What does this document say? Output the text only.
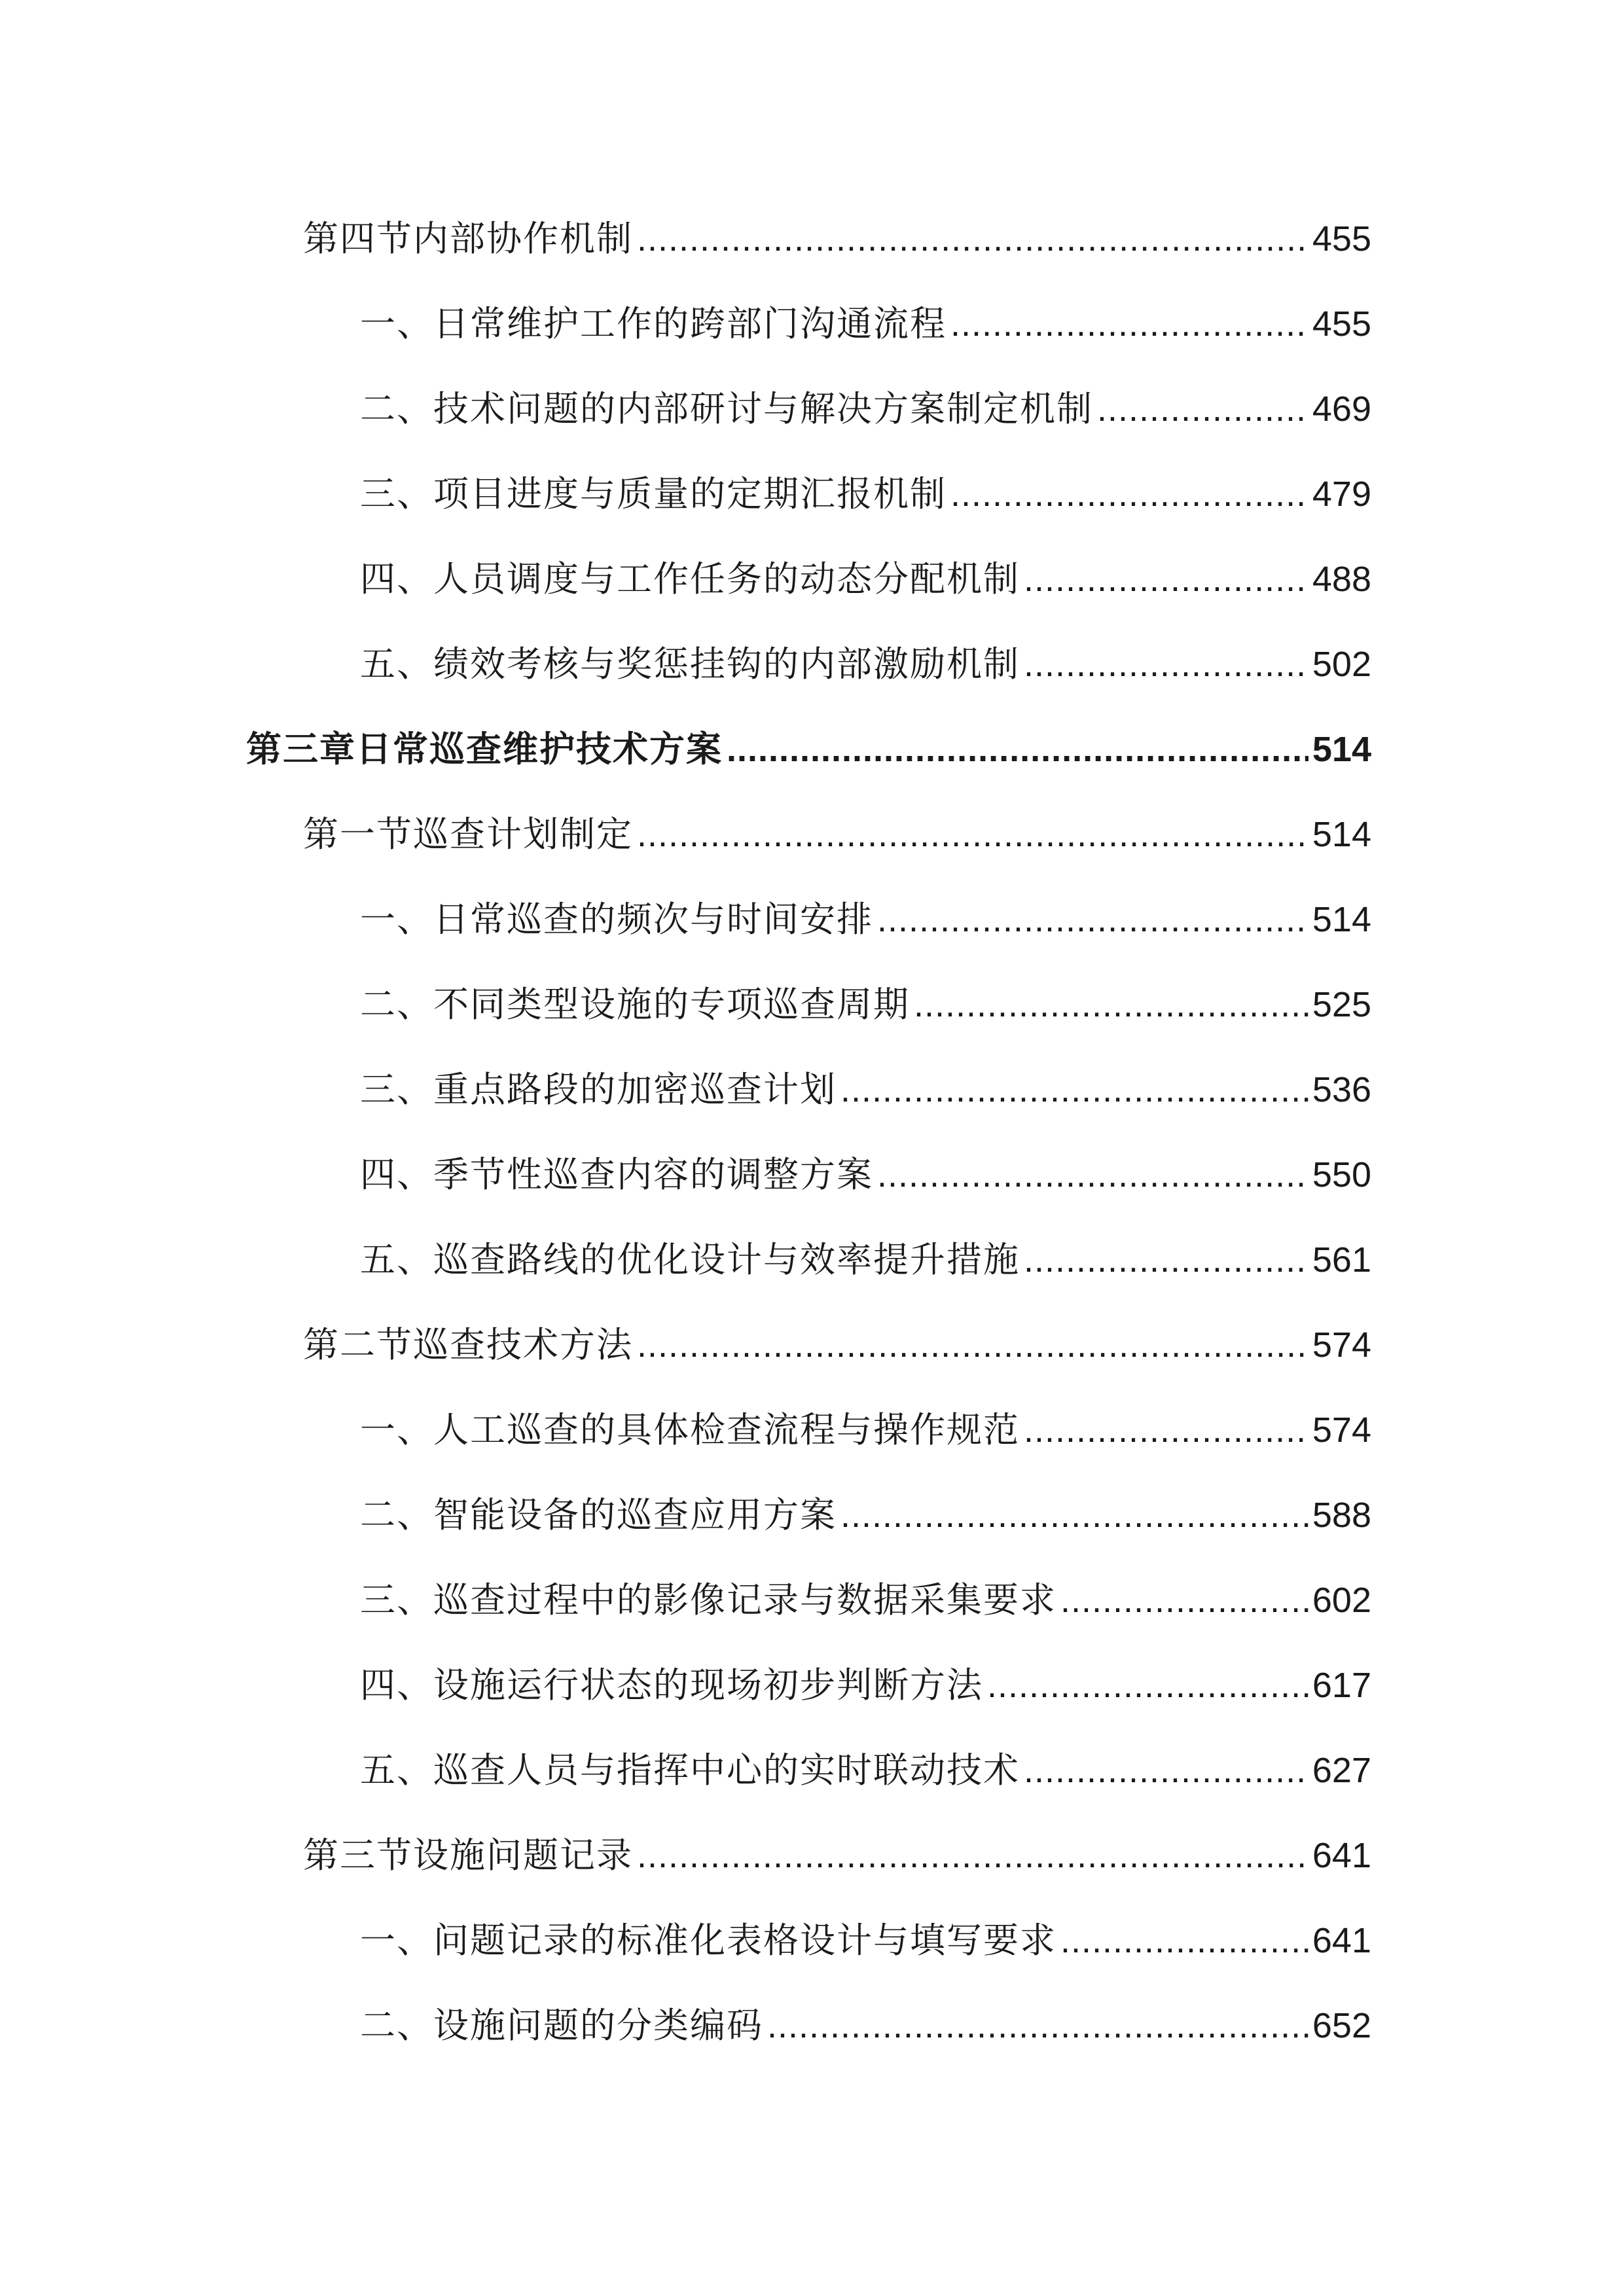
第四节内部协作机制 .....	455
一、日常维护工作的跨部门沟通流程 .....	455
二、技术问题的内部研讨与解决方案制定机制 .....	469
三、项目进度与质量的定期汇报机制 .....	479
四、人员调度与工作任务的动态分配机制 .....	488
五、绩效考核与奖惩挂钩的内部激励机制 .....	502
第三章日常巡查维护技术方案 .....	514
第一节巡查计划制定 .....	514
一、日常巡查的频次与时间安排 .....	514
二、不同类型设施的专项巡查周期 .....	525
三、重点路段的加密巡查计划 .....	536
四、季节性巡查内容的调整方案 .....	550
五、巡查路线的优化设计与效率提升措施 .....	561
第二节巡查技术方法 .....	574
一、人工巡查的具体检查流程与操作规范 .....	574
二、智能设备的巡查应用方案 .....	588
三、巡查过程中的影像记录与数据采集要求 .....	602
四、设施运行状态的现场初步判断方法 .....	617
五、巡查人员与指挥中心的实时联动技术 .....	627
第三节设施问题记录 .....	641
一、问题记录的标准化表格设计与填写要求 .....	641
二、设施问题的分类编码 .....	652
